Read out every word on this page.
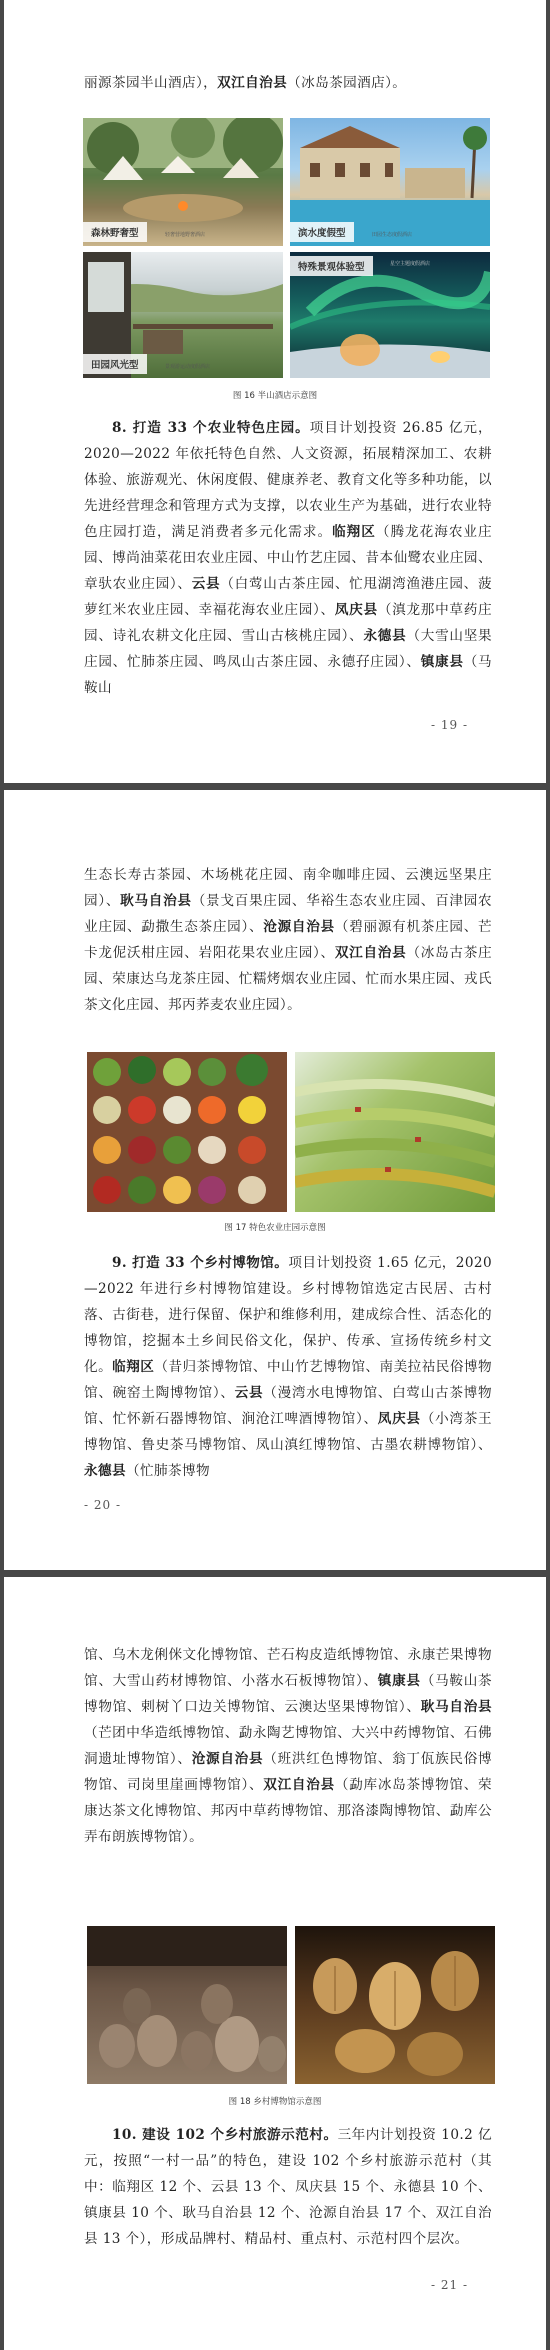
丽源茶园半山酒店），双江自治县（冰岛茶园酒店）。

森林野奢型	轻奢营地野奢酒店	滨水度假型	田园生态度假酒店
田园风光型	景观游运动度假酒店
特殊景观体验型	星空主题度假酒店
图 16 半山酒店示意图

8. 打造 33 个农业特色庄园。项目计划投资 26.85 亿元，2020—2022 年依托特色自然、人文资源，拓展精深加工、农耕体验、旅游观光、休闲度假、健康养老、教育文化等多种功能，以先进经营理念和管理方式为支撑，以农业生产为基础，进行农业特色庄园打造，满足消费者多元化需求。临翔区（腾龙花海农业庄园、博尚油菜花田农业庄园、中山竹艺庄园、昔本仙鹭农业庄园、章驮农业庄园）、云县（白莺山古茶庄园、忙甩湖湾渔港庄园、菠萝红米农业庄园、幸福花海农业庄园）、凤庆县（滇龙那中草药庄园、诗礼农耕文化庄园、雪山古核桃庄园）、永德县（大雪山坚果庄园、忙肺茶庄园、鸣凤山古茶庄园、永德孖庄园）、镇康县（马鞍山

- 19 -

生态长寿古茶园、木场桃花庄园、南伞咖啡庄园、云澳远坚果庄园）、耿马自治县（景戈百果庄园、华裕生态农业庄园、百津园农业庄园、勐撒生态茶庄园）、沧源自治县（碧丽源有机茶庄园、芒卡龙伲沃柑庄园、岩阳花果农业庄园）、双江自治县（冰岛古茶庄园、荣康达乌龙茶庄园、忙糯烤烟农业庄园、忙而水果庄园、戎氏茶文化庄园、邦丙荞麦农业庄园）。

图 17 特色农业庄园示意图

9. 打造 33 个乡村博物馆。项目计划投资 1.65 亿元，2020—2022 年进行乡村博物馆建设。乡村博物馆选定古民居、古村落、古街巷，进行保留、保护和维修利用，建成综合性、活态化的博物馆，挖掘本土乡间民俗文化，保护、传承、宣扬传统乡村文化。临翔区（昔归茶博物馆、中山竹艺博物馆、南美拉祜民俗博物馆、碗窑土陶博物馆）、云县（漫湾水电博物馆、白莺山古茶博物馆、忙怀新石器博物馆、涧沧江啤酒博物馆）、凤庆县（小湾茶王博物馆、鲁史茶马博物馆、凤山滇红博物馆、古墨农耕博物馆）、永德县（忙肺茶博物

- 20 -

馆、乌木龙俐侎文化博物馆、芒石构皮造纸博物馆、永康芒果博物馆、大雪山药材博物馆、小落水石板博物馆）、镇康县（马鞍山茶博物馆、剌树丫口边关博物馆、云澳达坚果博物馆）、耿马自治县（芒团中华造纸博物馆、勐永陶艺博物馆、大兴中药博物馆、石佛洞遗址博物馆）、沧源自治县（班洪红色博物馆、翁丁佤族民俗博物馆、司岗里崖画博物馆）、双江自治县（勐库冰岛茶博物馆、荣康达茶文化博物馆、邦丙中草药博物馆、那洛漆陶博物馆、勐库公弄布朗族博物馆）。

图 18 乡村博物馆示意图

10. 建设 102 个乡村旅游示范村。三年内计划投资 10.2 亿元，按照“一村一品”的特色，建设 102 个乡村旅游示范村（其中：临翔区 12 个、云县 13 个、凤庆县 15 个、永德县 10 个、镇康县 10 个、耿马自治县 12 个、沧源自治县 17 个、双江自治县 13 个），形成品牌村、精品村、重点村、示范村四个层次。

- 21 -
